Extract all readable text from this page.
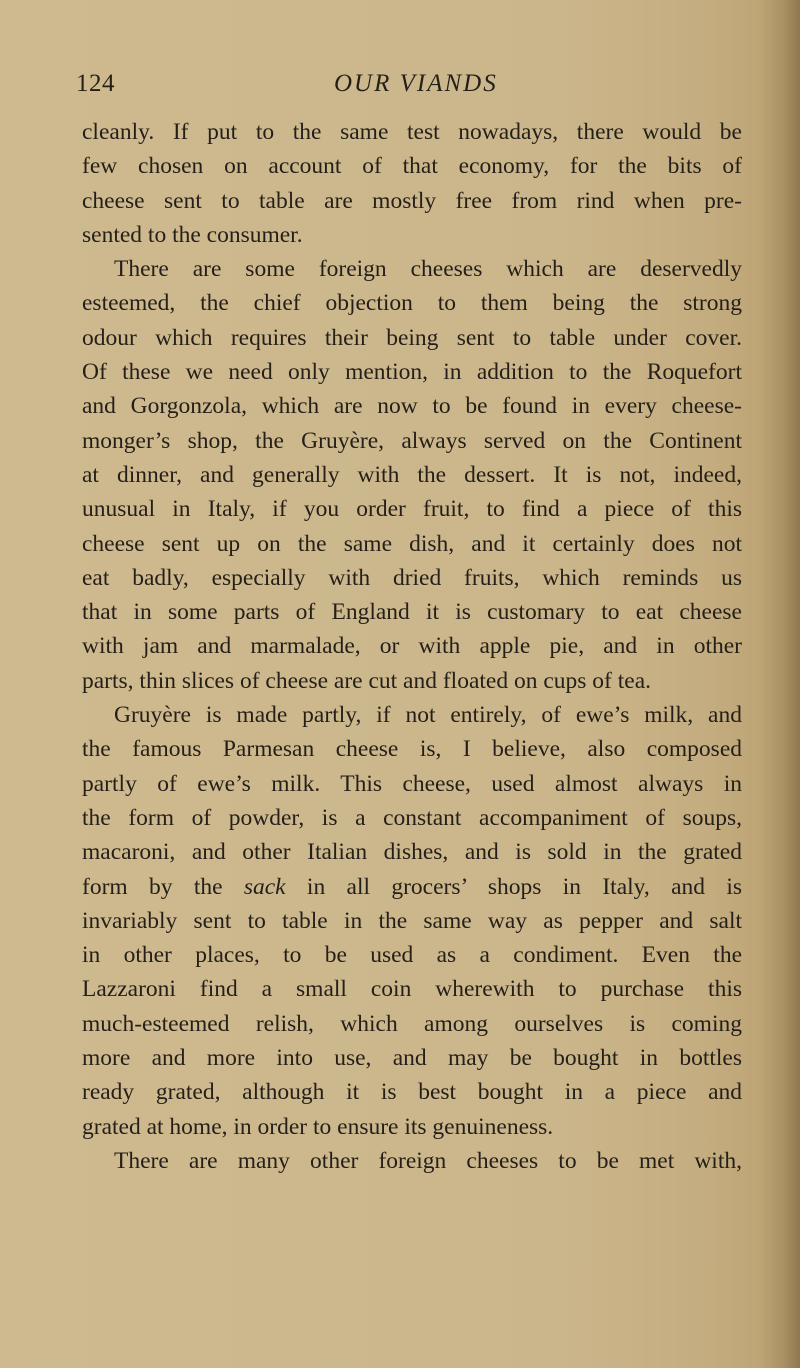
124	OUR VIANDS
cleanly. If put to the same test nowadays, there would be
few chosen on account of that economy, for the bits of
cheese sent to table are mostly free from rind when pre-
sented to the consumer.
There are some foreign cheeses which are deservedly
esteemed, the chief objection to them being the strong
odour which requires their being sent to table under cover.
Of these we need only mention, in addition to the Roquefort
and Gorgonzola, which are now to be found in every cheese-
monger’s shop, the Gruyère, always served on the Continent
at dinner, and generally with the dessert. It is not, indeed,
unusual in Italy, if you order fruit, to find a piece of this
cheese sent up on the same dish, and it certainly does not
eat badly, especially with dried fruits, which reminds us
that in some parts of England it is customary to eat cheese
with jam and marmalade, or with apple pie, and in other
parts, thin slices of cheese are cut and floated on cups of tea.
Gruyère is made partly, if not entirely, of ewe’s milk, and
the famous Parmesan cheese is, I believe, also composed
partly of ewe’s milk. This cheese, used almost always in
the form of powder, is a constant accompaniment of soups,
macaroni, and other Italian dishes, and is sold in the grated
form by the sack in all grocers’ shops in Italy, and is
invariably sent to table in the same way as pepper and salt
in other places, to be used as a condiment. Even the
Lazzaroni find a small coin wherewith to purchase this
much-esteemed relish, which among ourselves is coming
more and more into use, and may be bought in bottles
ready grated, although it is best bought in a piece and
grated at home, in order to ensure its genuineness.
There are many other foreign cheeses to be met with,
